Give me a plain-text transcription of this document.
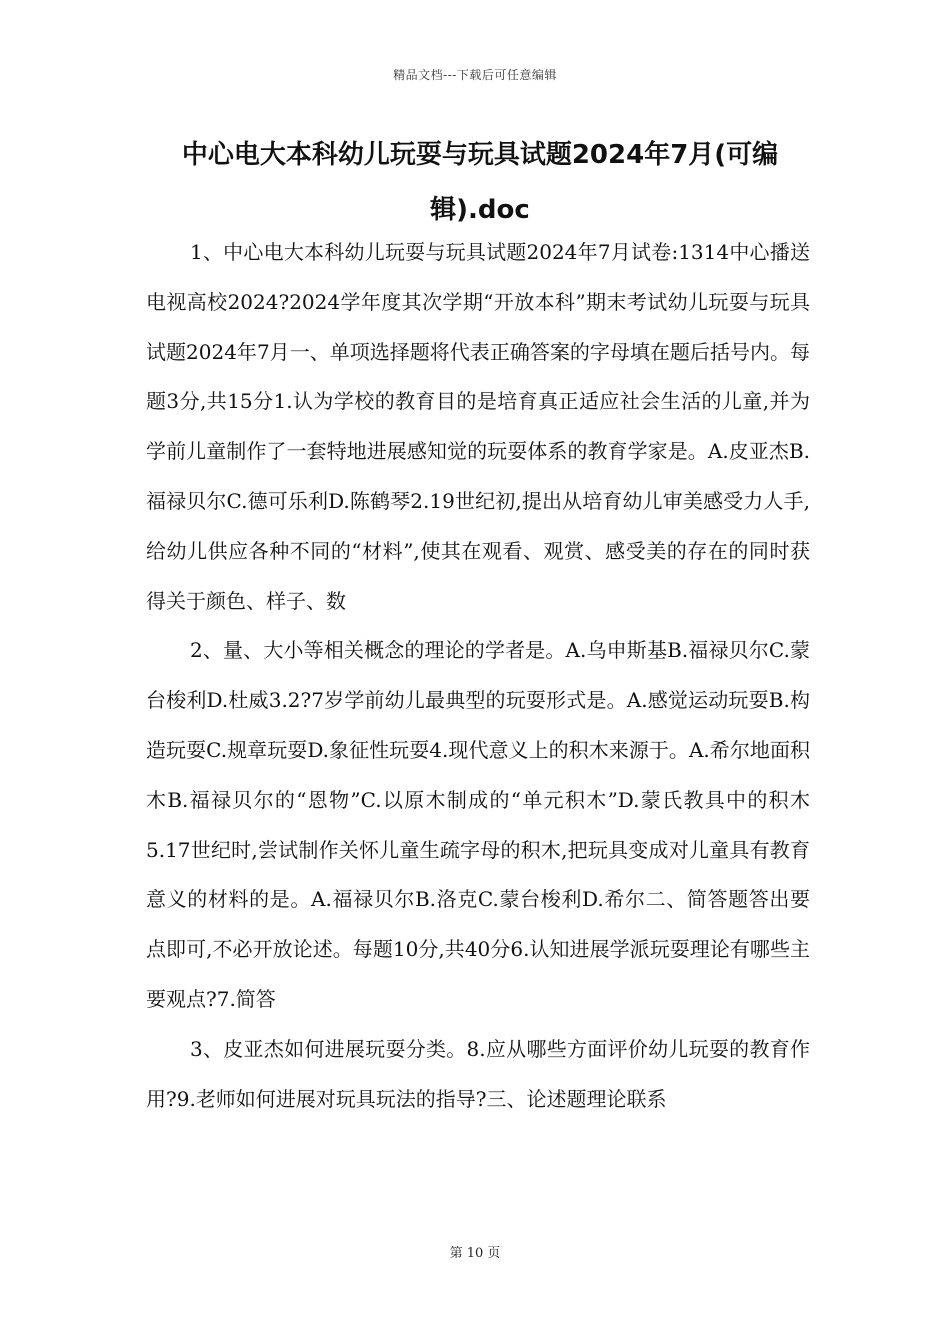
精品文档---下载后可任意编辑
中心电大本科幼儿玩耍与玩具试题2024年7月(可编辑).doc

1、中心电大本科幼儿玩耍与玩具试题2024年7月试卷:1314中心播送电视高校2024?2024学年度其次学期“开放本科”期末考试幼儿玩耍与玩具试题2024年7月一、单项选择题将代表正确答案的字母填在题后括号内。每题3分,共15分1.认为学校的教育目的是培育真正适应社会生活的儿童,并为学前儿童制作了一套特地进展感知觉的玩耍体系的教育学家是。A.皮亚杰B.福禄贝尔C.德可乐利D.陈鹤琴2.19世纪初,提出从培育幼儿审美感受力人手,给幼儿供应各种不同的“材料”,使其在观看、观赏、感受美的存在的同时获得关于颜色、样子、数

2、量、大小等相关概念的理论的学者是。A.乌申斯基B.福禄贝尔C.蒙台梭利D.杜威3.2?7岁学前幼儿最典型的玩耍形式是。A.感觉运动玩耍B.构造玩耍C.规章玩耍D.象征性玩耍4.现代意义上的积木来源于。A.希尔地面积木B.福禄贝尔的“恩物”C.以原木制成的“单元积木”D.蒙氏教具中的积木5.17世纪时,尝试制作关怀儿童生疏字母的积木,把玩具变成对儿童具有教育意义的材料的是。A.福禄贝尔B.洛克C.蒙台梭利D.希尔二、简答题答出要点即可,不必开放论述。每题10分,共40分6.认知进展学派玩耍理论有哪些主要观点?7.简答

3、皮亚杰如何进展玩耍分类。8.应从哪些方面评价幼儿玩耍的教育作用?9.老师如何进展对玩具玩法的指导?三、论述题理论联系

第 10 页
